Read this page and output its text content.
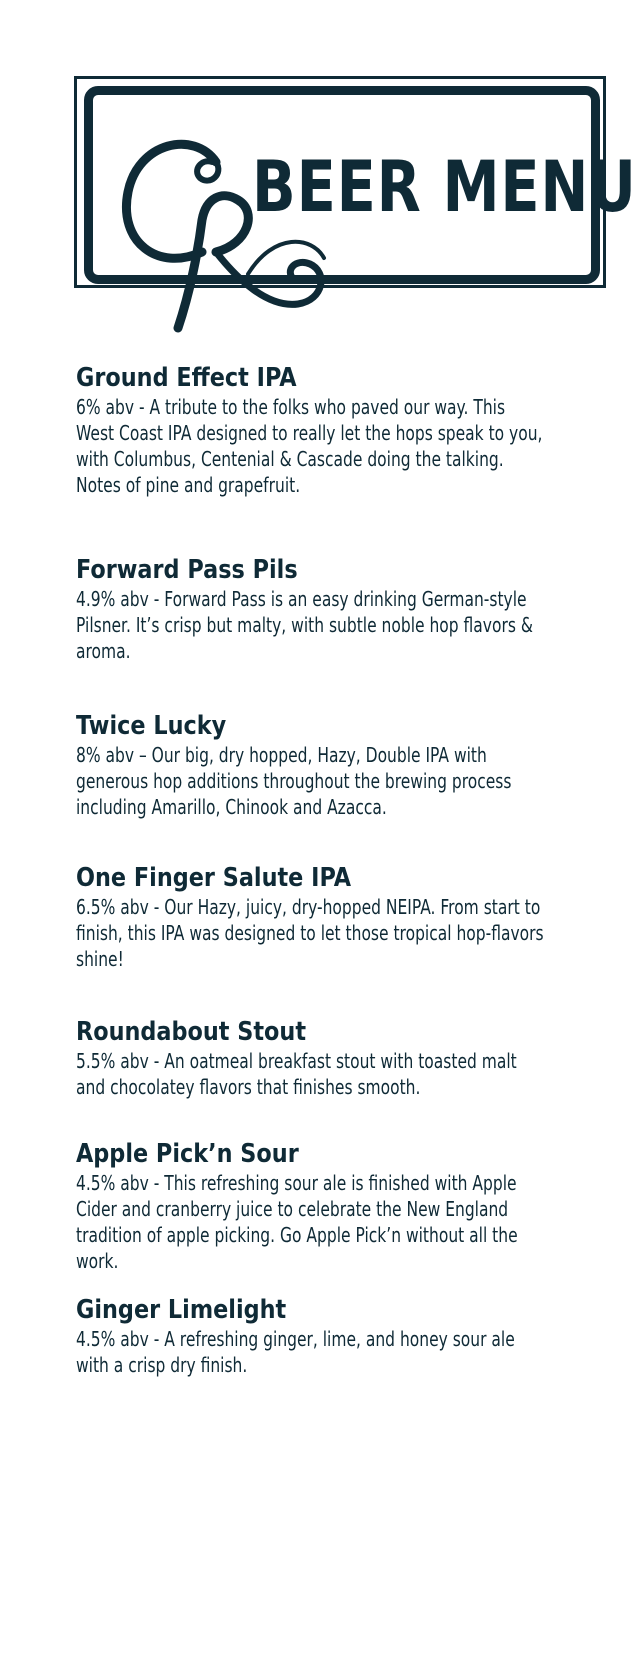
BEER MENU
Ground Effect IPA
6% abv - A tribute to the folks who paved our way. This West Coast IPA designed to really let the hops speak to you, with Columbus, Centenial & Cascade doing the talking. Notes of pine and grapefruit.
Forward Pass Pils
4.9% abv - Forward Pass is an easy drinking German-style Pilsner. It’s crisp but malty, with subtle noble hop flavors & aroma.
Twice Lucky
8% abv – Our big, dry hopped, Hazy, Double IPA with generous hop additions throughout the brewing process including Amarillo, Chinook and Azacca.
One Finger Salute IPA
6.5% abv - Our Hazy, juicy, dry-hopped NEIPA. From start to finish, this IPA was designed to let those tropical hop-flavors shine!
Roundabout Stout
5.5% abv - An oatmeal breakfast stout with toasted malt and chocolatey flavors that finishes smooth.
Apple Pick’n Sour
4.5% abv - This refreshing sour ale is finished with Apple Cider and cranberry juice to celebrate the New England tradition of apple picking. Go Apple Pick’n without all the work.
Ginger Limelight
4.5% abv - A refreshing ginger, lime, and honey sour ale with a crisp dry finish.
